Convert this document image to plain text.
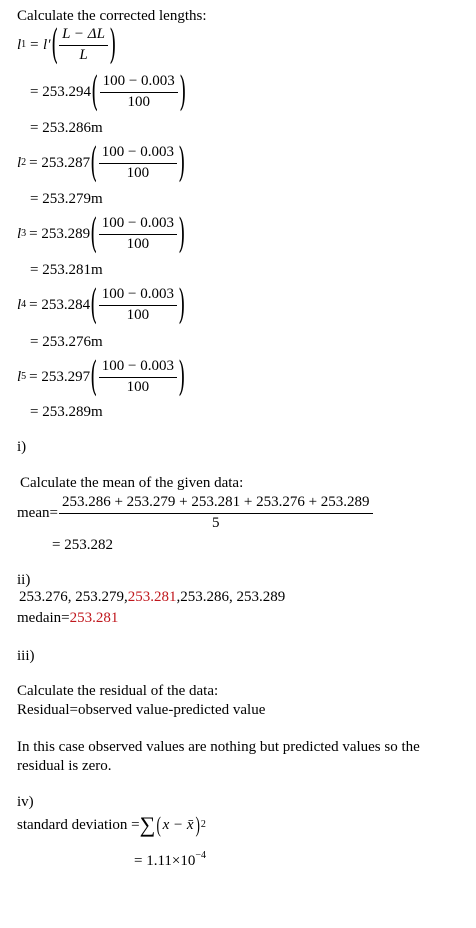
Calculate the corrected lengths:
l 1 = l′ ( $\frac{L - \Delta L}{L}$ )
= 253.294 ( $\frac{100 - 0.003}{100}$ )
= 253.286m
l 2 = 253.287 ( $\frac{100 - 0.003}{100}$ )
= 253.279m
l 3 = 253.289 ( $\frac{100 - 0.003}{100}$ )
= 253.281m
l 4 = 253.284 ( $\frac{100 - 0.003}{100}$ )
= 253.276m
l 5 = 253.297 ( $\frac{100 - 0.003}{100}$ )
= 253.289m
i)
Calculate the mean of the given data:
mean= $\frac{253.286 + 253.279 + 253.281 + 253.276 + 253.289}{5}$
= 253.282
ii)
253.276, 253.279,253.281,253.286, 253.289
medain=253.281
iii)
Calculate the residual of the data:
Residual=observed value-predicted value
In this case observed values are nothing but predicted values so the
residual is zero.
iv)
standard deviation = ∑ ( x − x̄ ) 2
= $1.11\times 10^{-4}$
